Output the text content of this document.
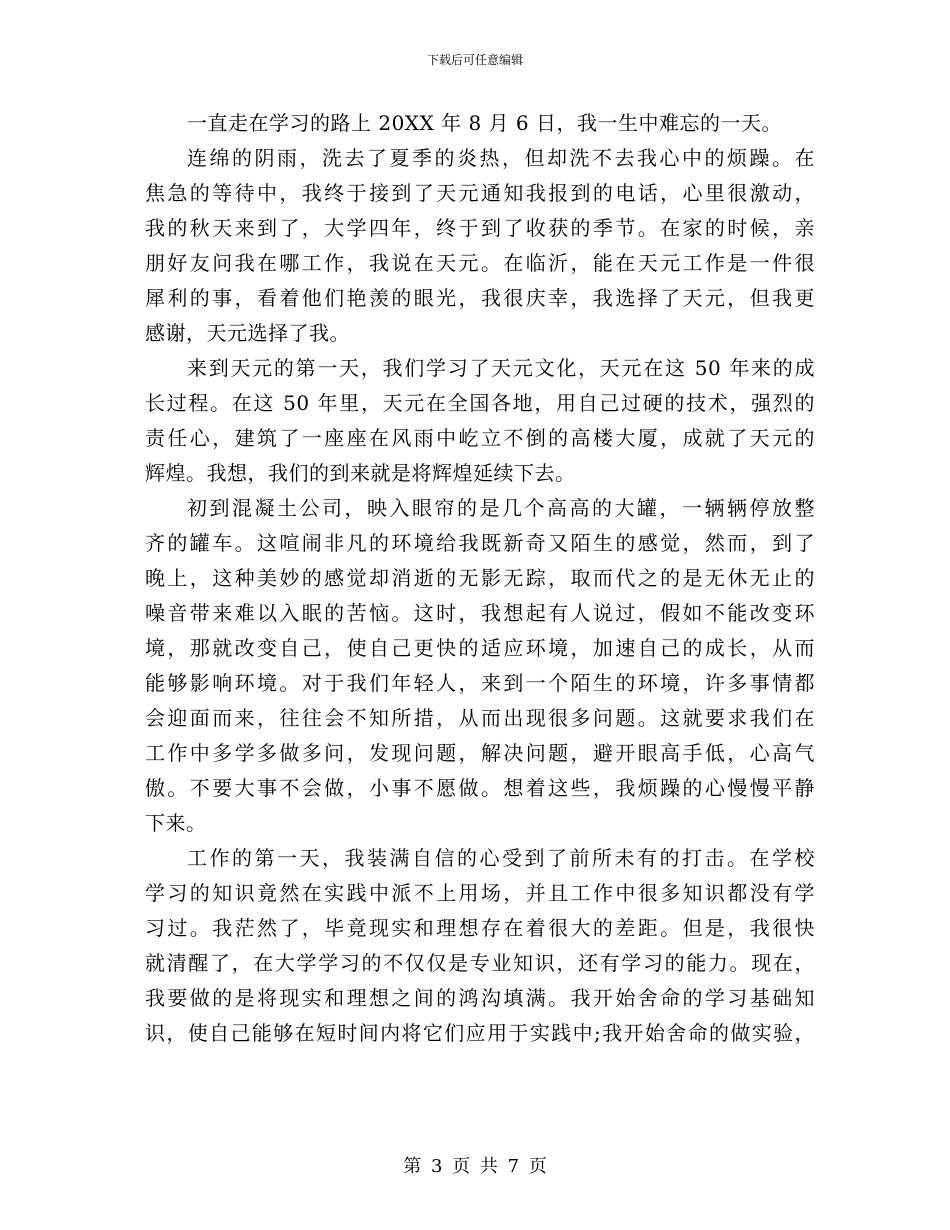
下载后可任意编辑
一直走在学习的路上 20XX 年 8 月 6 日，我一生中难忘的一天。
连绵的阴雨，洗去了夏季的炎热，但却洗不去我心中的烦躁。在
焦急的等待中，我终于接到了天元通知我报到的电话，心里很激动，
我的秋天来到了，大学四年，终于到了收获的季节。在家的时候，亲
朋好友问我在哪工作，我说在天元。在临沂，能在天元工作是一件很
犀利的事，看着他们艳羡的眼光，我很庆幸，我选择了天元，但我更
感谢，天元选择了我。
来到天元的第一天，我们学习了天元文化，天元在这 50 年来的成
长过程。在这 50 年里，天元在全国各地，用自己过硬的技术，强烈的
责任心，建筑了一座座在风雨中屹立不倒的高楼大厦，成就了天元的
辉煌。我想，我们的到来就是将辉煌延续下去。
初到混凝土公司，映入眼帘的是几个高高的大罐，一辆辆停放整
齐的罐车。这喧闹非凡的环境给我既新奇又陌生的感觉，然而，到了
晚上，这种美妙的感觉却消逝的无影无踪，取而代之的是无休无止的
噪音带来难以入眠的苦恼。这时，我想起有人说过，假如不能改变环
境，那就改变自己，使自己更快的适应环境，加速自己的成长，从而
能够影响环境。对于我们年轻人，来到一个陌生的环境，许多事情都
会迎面而来，往往会不知所措，从而出现很多问题。这就要求我们在
工作中多学多做多问，发现问题，解决问题，避开眼高手低，心高气
傲。不要大事不会做，小事不愿做。想着这些，我烦躁的心慢慢平静
下来。
工作的第一天，我装满自信的心受到了前所未有的打击。在学校
学习的知识竟然在实践中派不上用场，并且工作中很多知识都没有学
习过。我茫然了，毕竟现实和理想存在着很大的差距。但是，我很快
就清醒了，在大学学习的不仅仅是专业知识，还有学习的能力。现在，
我要做的是将现实和理想之间的鸿沟填满。我开始舍命的学习基础知
识，使自己能够在短时间内将它们应用于实践中;我开始舍命的做实验，
第 3 页 共 7 页
